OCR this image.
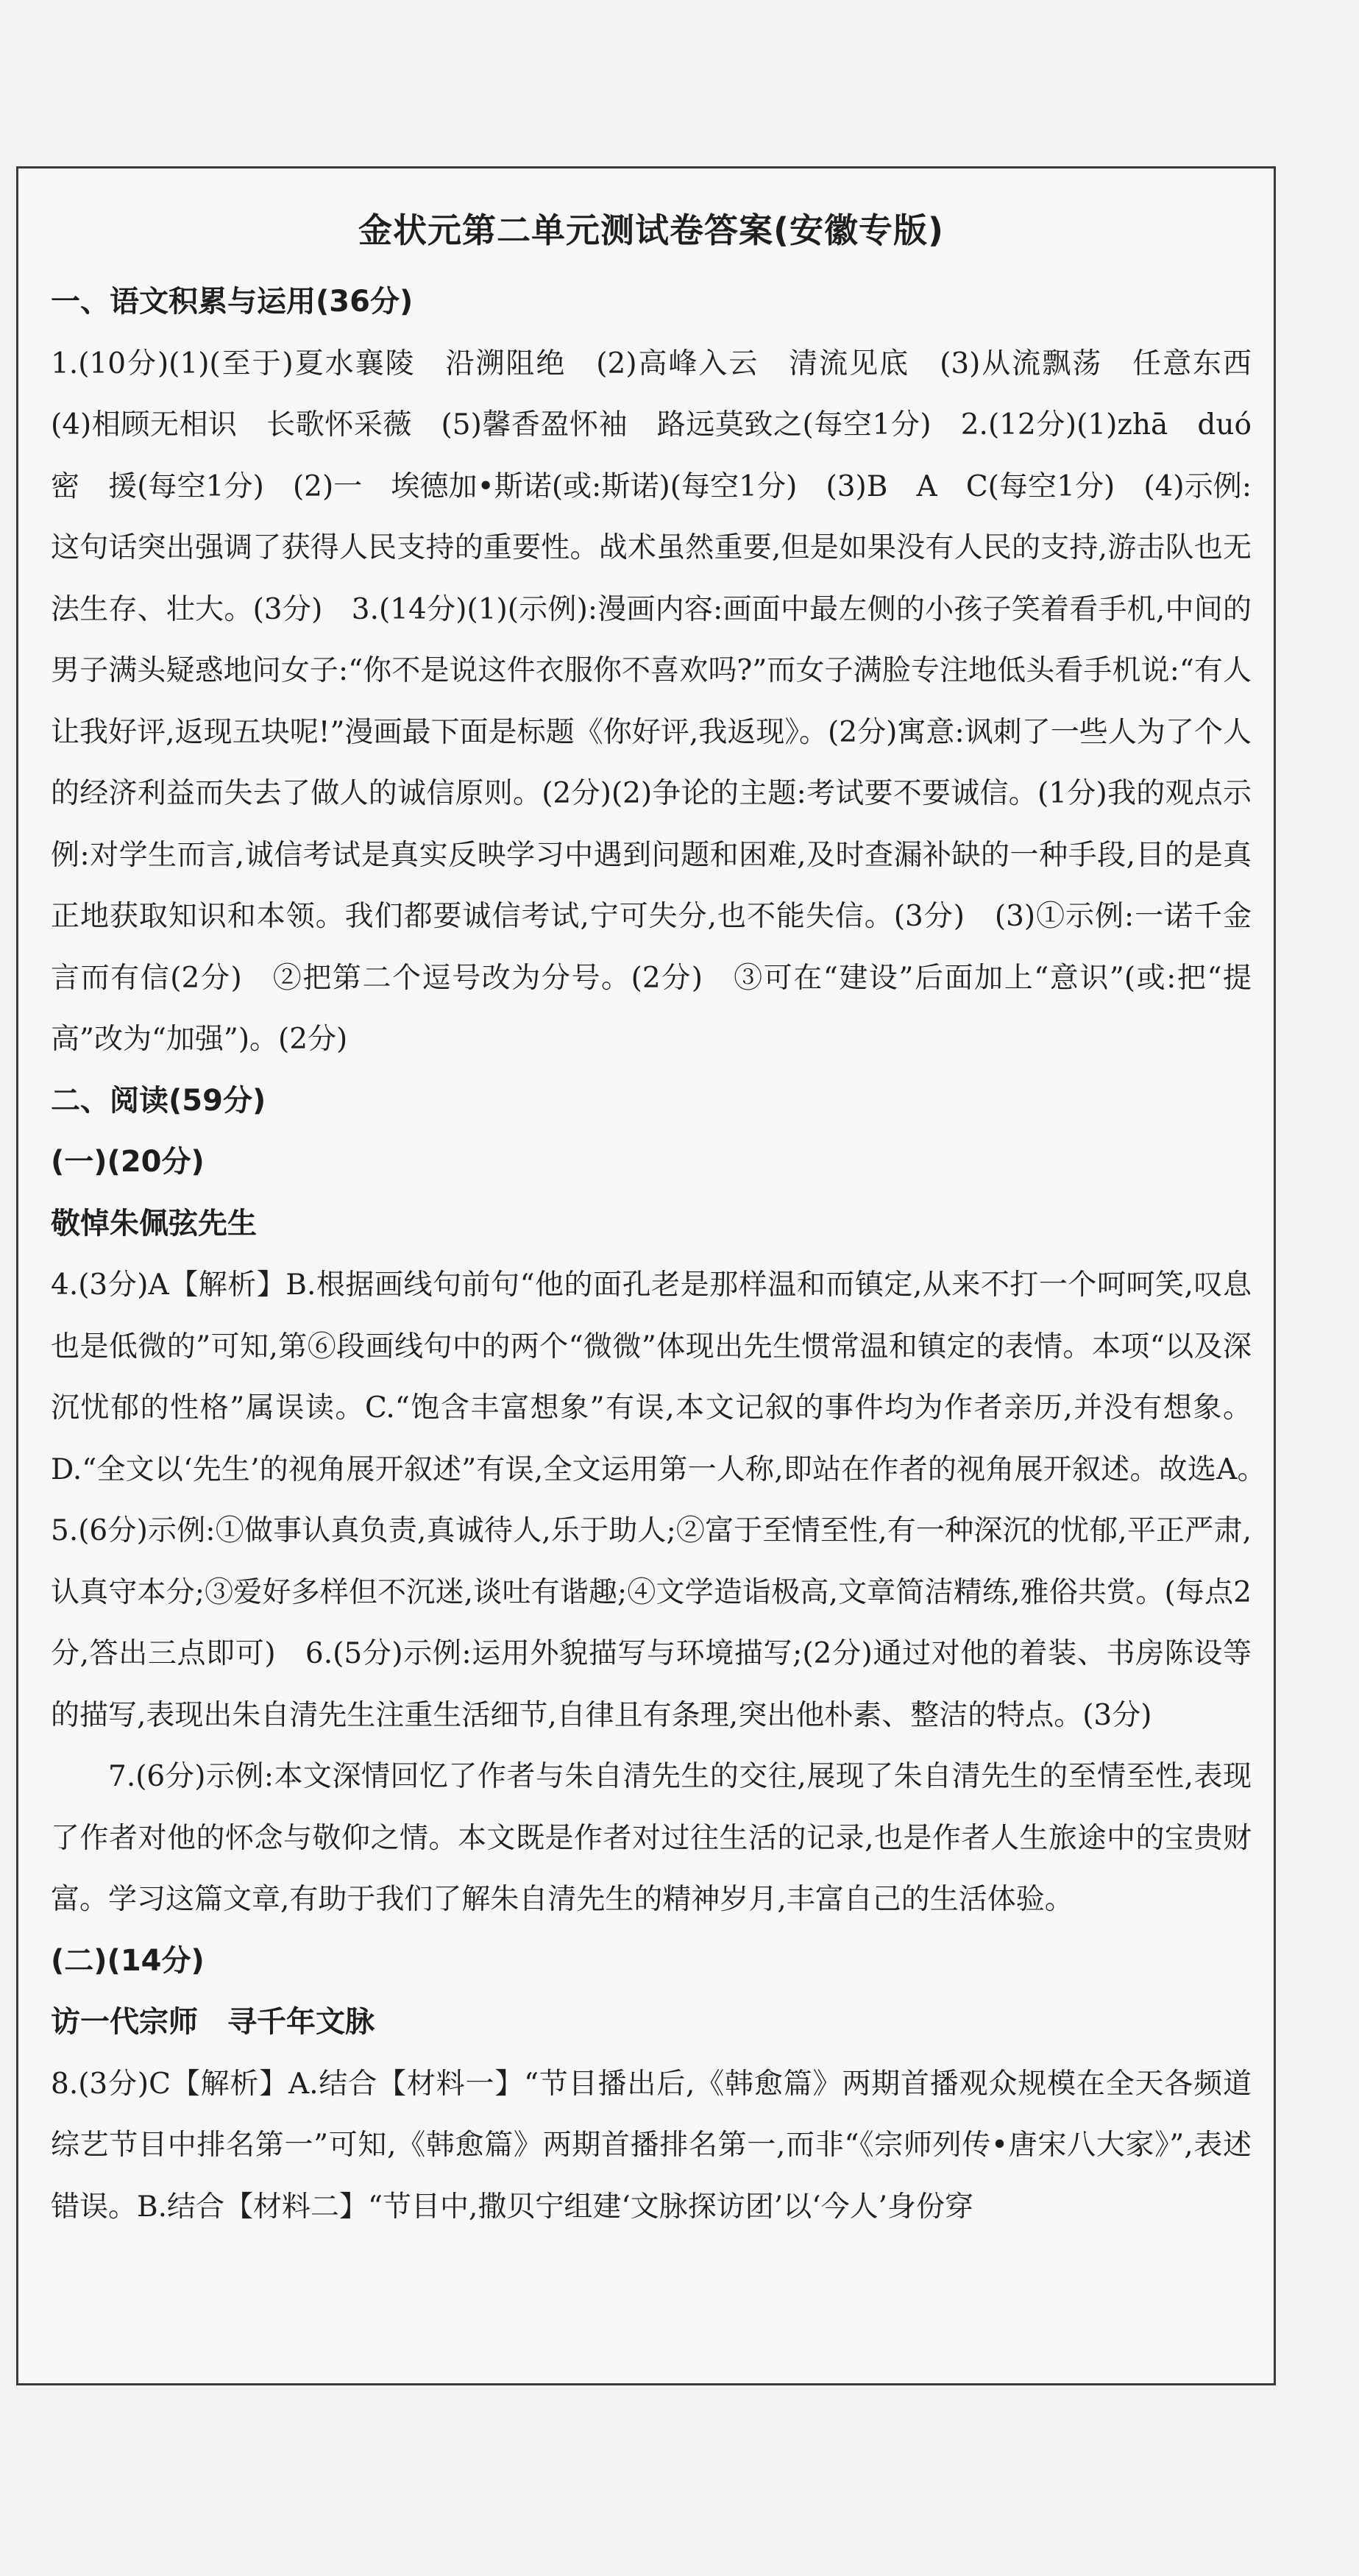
金状元第二单元测试卷答案(安徽专版)

一、语文积累与运用(36分)

1.(10分)(1)(至于)夏水襄陵　沿溯阻绝　(2)高峰入云　清流见底　(3)从流飘荡　任意东西　(4)相顾无相识　长歌怀采薇　(5)馨香盈怀袖　路远莫致之(每空1分)　2.(12分)(1)zhā　duó　密　援(每空1分)　(2)一　埃德加•斯诺(或:斯诺)(每空1分)　(3)B　A　C(每空1分)　(4)示例:这句话突出强调了获得人民支持的重要性。战术虽然重要,但是如果没有人民的支持,游击队也无法生存、壮大。(3分)　3.(14分)(1)(示例):漫画内容:画面中最左侧的小孩子笑着看手机,中间的男子满头疑惑地问女子:“你不是说这件衣服你不喜欢吗?”而女子满脸专注地低头看手机说:“有人让我好评,返现五块呢!”漫画最下面是标题《你好评,我返现》。(2分)寓意:讽刺了一些人为了个人的经济利益而失去了做人的诚信原则。(2分)(2)争论的主题:考试要不要诚信。(1分)我的观点示例:对学生而言,诚信考试是真实反映学习中遇到问题和困难,及时查漏补缺的一种手段,目的是真正地获取知识和本领。我们都要诚信考试,宁可失分,也不能失信。(3分)　(3)①示例:一诺千金　言而有信(2分)　②把第二个逗号改为分号。(2分)　③可在“建设”后面加上“意识”(或:把“提高”改为“加强”)。(2分)

二、阅读(59分)

(一)(20分)

敬悼朱佩弦先生

4.(3分)A【解析】B.根据画线句前句“他的面孔老是那样温和而镇定,从来不打一个呵呵笑,叹息也是低微的”可知,第⑥段画线句中的两个“微微”体现出先生惯常温和镇定的表情。本项“以及深沉忧郁的性格”属误读。C.“饱含丰富想象”有误,本文记叙的事件均为作者亲历,并没有想象。D.“全文以‘先生’的视角展开叙述”有误,全文运用第一人称,即站在作者的视角展开叙述。故选A。　5.(6分)示例:①做事认真负责,真诚待人,乐于助人;②富于至情至性,有一种深沉的忧郁,平正严肃,认真守本分;③爱好多样但不沉迷,谈吐有谐趣;④文学造诣极高,文章简洁精练,雅俗共赏。(每点2分,答出三点即可)　6.(5分)示例:运用外貌描写与环境描写;(2分)通过对他的着装、书房陈设等的描写,表现出朱自清先生注重生活细节,自律且有条理,突出他朴素、整洁的特点。(3分)

7.(6分)示例:本文深情回忆了作者与朱自清先生的交往,展现了朱自清先生的至情至性,表现了作者对他的怀念与敬仰之情。本文既是作者对过往生活的记录,也是作者人生旅途中的宝贵财富。学习这篇文章,有助于我们了解朱自清先生的精神岁月,丰富自己的生活体验。

(二)(14分)

访一代宗师　寻千年文脉

8.(3分)C【解析】A.结合【材料一】“节目播出后,《韩愈篇》两期首播观众规模在全天各频道综艺节目中排名第一”可知,《韩愈篇》两期首播排名第一,而非“《宗师列传•唐宋八大家》”,表述错误。B.结合【材料二】“节目中,撒贝宁组建‘文脉探访团’以‘今人’身份穿
